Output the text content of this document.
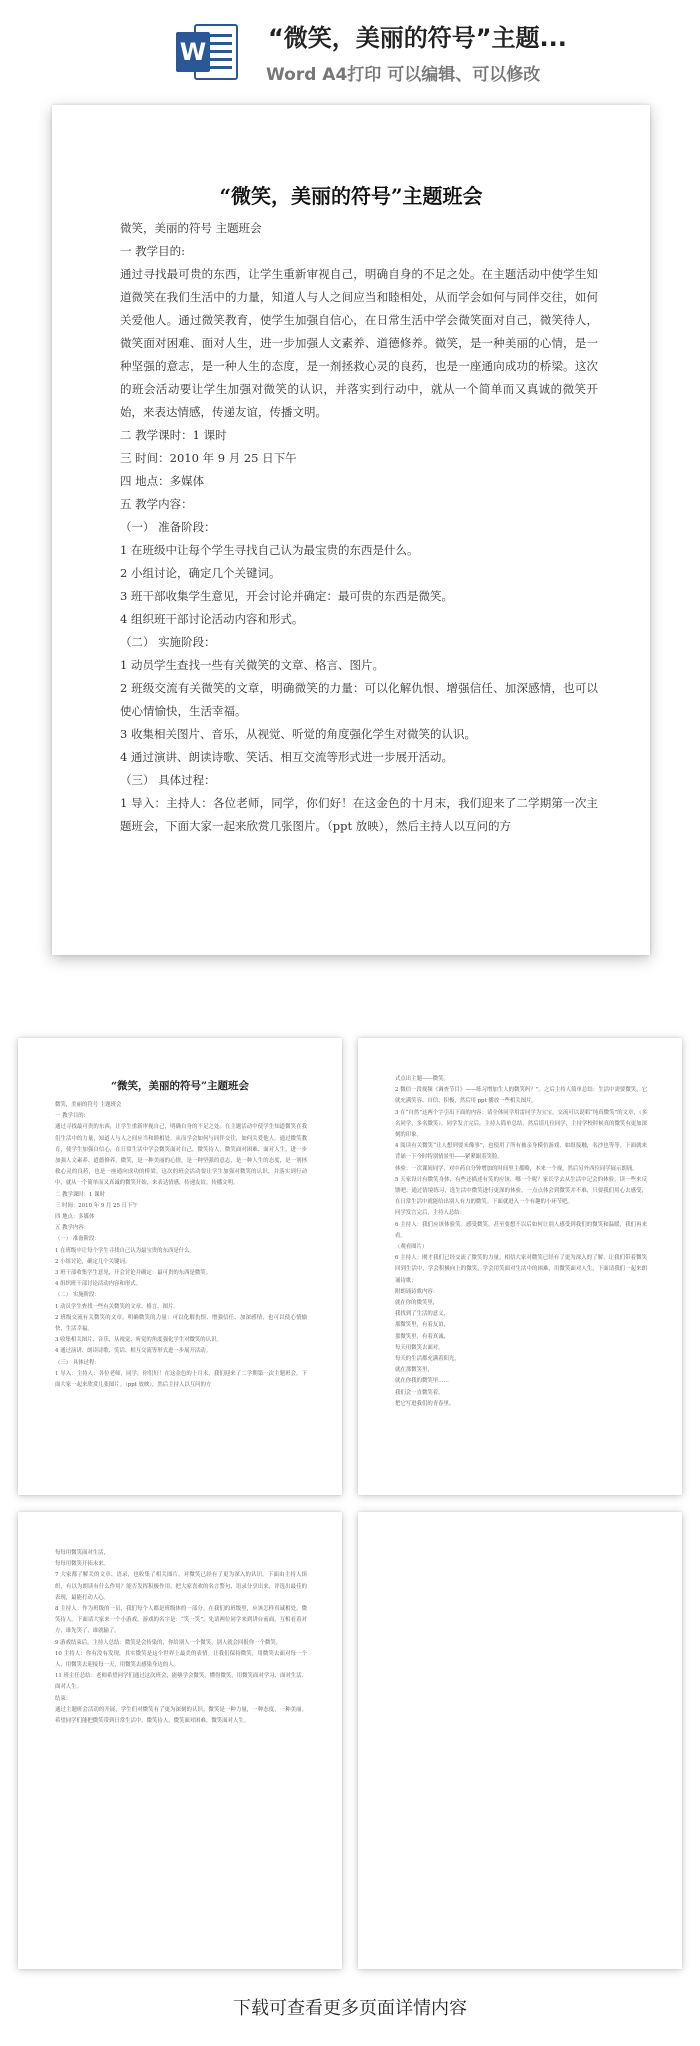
W	“微笑，美丽的符号”主题...
Word A4打印 可以编辑、可以修改
“微笑，美丽的符号”主题班会

微笑，美丽的符号 主题班会

一 教学目的:

通过寻找最可贵的东西，让学生重新审视自己，明确自身的不足之处。在主题活动中使学生知道微笑在我们生活中的力量，知道人与人之间应当和睦相处，从而学会如何与同伴交往，如何关爱他人。通过微笑教育，使学生加强自信心，在日常生活中学会微笑面对自己，微笑待人，微笑面对困难、面对人生，进一步加强人文素养、道德修养。微笑，是一种美丽的心情，是一种坚强的意志，是一种人生的态度，是一剂拯救心灵的良药，也是一座通向成功的桥梁。这次的班会活动要让学生加强对微笑的认识，并落实到行动中，就从一个简单而又真诚的微笑开始，来表达情感，传递友谊，传播文明。

二 教学课时：1 课时

三 时间：2010 年 9 月 25 日下午

四 地点：多媒体

五 教学内容：

（一） 准备阶段：

1 在班级中让每个学生寻找自己认为最宝贵的东西是什么。

2 小组讨论，确定几个关键词。

3 班干部收集学生意见，开会讨论并确定：最可贵的东西是微笑。

4 组织班干部讨论活动内容和形式。

（二） 实施阶段：

1 动员学生查找一些有关微笑的文章、格言、图片。

2 班级交流有关微笑的文章，明确微笑的力量：可以化解仇恨、增强信任、加深感情，也可以使心情愉快，生活幸福。

3 收集相关图片、音乐，从视觉、听觉的角度强化学生对微笑的认识。

4 通过演讲、朗读诗歌、笑话、相互交流等形式进一步展开活动。

（三） 具体过程：

1 导入：主持人：各位老师，同学，你们好！在这金色的十月末，我们迎来了二学期第一次主题班会，下面大家一起来欣赏几张图片。（ppt 放映），然后主持人以互问的方

“微笑，美丽的符号”主题班会

微笑，美丽的符号 主题班会

一 教学目的:

通过寻找最可贵的东西，让学生重新审视自己，明确自身的不足之处。在主题活动中使学生知道微笑在我们生活中的力量，知道人与人之间应当和睦相处，从而学会如何与同伴交往，如何关爱他人。通过微笑教育，使学生加强自信心，在日常生活中学会微笑面对自己，微笑待人，微笑面对困难、面对人生，进一步加强人文素养、道德修养。微笑，是一种美丽的心情，是一种坚强的意志，是一种人生的态度，是一剂拯救心灵的良药，也是一座通向成功的桥梁。这次的班会活动要让学生加强对微笑的认识，并落实到行动中，就从一个简单而又真诚的微笑开始，来表达情感，传递友谊，传播文明。

二 教学课时：1 课时

三 时间：2010 年 9 月 25 日下午

四 地点：多媒体

五 教学内容：

（一） 准备阶段：

1 在班级中让每个学生寻找自己认为最宝贵的东西是什么。

2 小组讨论，确定几个关键词。

3 班干部收集学生意见，开会讨论并确定：最可贵的东西是微笑。

4 组织班干部讨论活动内容和形式。

（二） 实施阶段：

1 动员学生查找一些有关微笑的文章、格言、图片。

2 班级交流有关微笑的文章，明确微笑的力量：可以化解仇恨、增强信任、加深感情，也可以使心情愉快，生活幸福。

3 收集相关图片、音乐，从视觉、听觉的角度强化学生对微笑的认识。

4 通过演讲、朗读诗歌、笑话、相互交流等形式进一步展开活动。

（三） 具体过程：

1 导入：主持人：各位老师，同学，你们好！在这金色的十月末，我们迎来了二学期第一次主题班会，下面大家一起来欣赏几张图片。（ppt 放映），然后主持人以互问的方

式点出主题——微笑。

2 微信一段视频《调查节目》——练习增加生人的微笑吗？”。之后主持人简单总结：生活中需要微笑，它就充满笑容、自信、积极，然后用 ppt 播放一些相关图片。

3 在“自然”这两个字引出下面的内容：请全体同学用雷同学为宝宝。交流可以说唱“纯真微笑”的文章，（多名同学，多名微笑）。同学发言完后，主持人简单总结，然后请几位同学，主持学校时候真的微笑有更加深刻的印象。

4 阅读有关微笑“让人想到要未像事”，也使用了所有被亲身模仿游戏，如组接触，名沙也等等。下面就来背诵一下今时特别情景里——紧紧跟着笑脸。

体验：一次课间同学，对中药自分钟增加的时间里主都略，本来一个视，然后另外西位同学展示朗诵。

5 天家设计有微笑身体，有些还描述有笑的应该，哪一个呢？家长学去从生活中记会的体验，读一些来反馈吧。通过情境练习，选生活中微笑进行更深的体验。一点点体会到微笑并不难，只要我们用心去感受，在日常生活中就能给出别人有力的微笑。下面就进入一个有趣的小环节吧。

同学发言完后，主持人总结：

6 主持人：我们应该体验笑。感受微笑。甚至要想不以后如何让别人感受到我们的微笑和温暖，我们再来看。

（观看图片）

6 主持人：刚才我们已经交流了微笑的力量。相信大家对微笑已经有了更为深入的了解，让我们带着微笑回到生活中，学会积极向上的微笑，学会用笑面对生活中的困难，用微笑面对人生，下面请我们一起来朗诵诗歌：

附朗诵诗歌内容：

就在你的微笑里，

我找到了生活的意义，

那微笑里，有着友谊，

那微笑里，有着真诚，

每天用微笑去面对，

每天的生活都充满着阳光，

就在那微笑里，

就在你我的微笑里……

我们会一直微笑着，

把它写进我们的青春里。

每每用微笑面对生活，

每每用微笑开拓未来。

7 大家都了解关的文章、语录，也收集了相关图片，对微笑已经有了更为深入的认识。下面由主持人组织，有以为朗读有什么作用？能否发挥积极作用，把大家喜欢的名言警句、语录分享出来，评选出最佳的表现，最能打动人心。

8 主持人：作为班级的一员，我们每个人都是班级体的一部分。在我们的班级里，应该怎样真诚相处，微笑待人。下面请大家来一个小游戏，游戏的名字是：“笑一笑”。先请两位同学来到讲台前面，互相看着对方，谁先笑了，谁就输了。

9 游戏结束后，主持人总结：微笑是会传染的，你给别人一个微笑，别人就会回报你一个微笑。

10 主持人：你有没有发现，其实微笑是这个世界上最美的表情。让我们保持微笑，用微笑去面对每一个人，用微笑去迎接每一天，用微笑去感染身边的人。

11 班主任总结：老师希望同学们通过这次班会，能够学会微笑，懂得微笑，用微笑面对学习、面对生活、面对人生。

结束：

通过主题班会活动的开展，学生们对微笑有了更为深刻的认识。微笑是一种力量，一种态度，一种美丽。希望同学们能把微笑带到日常生活中，微笑待人，微笑面对困难，微笑面对人生。

下载可查看更多页面详情内容
